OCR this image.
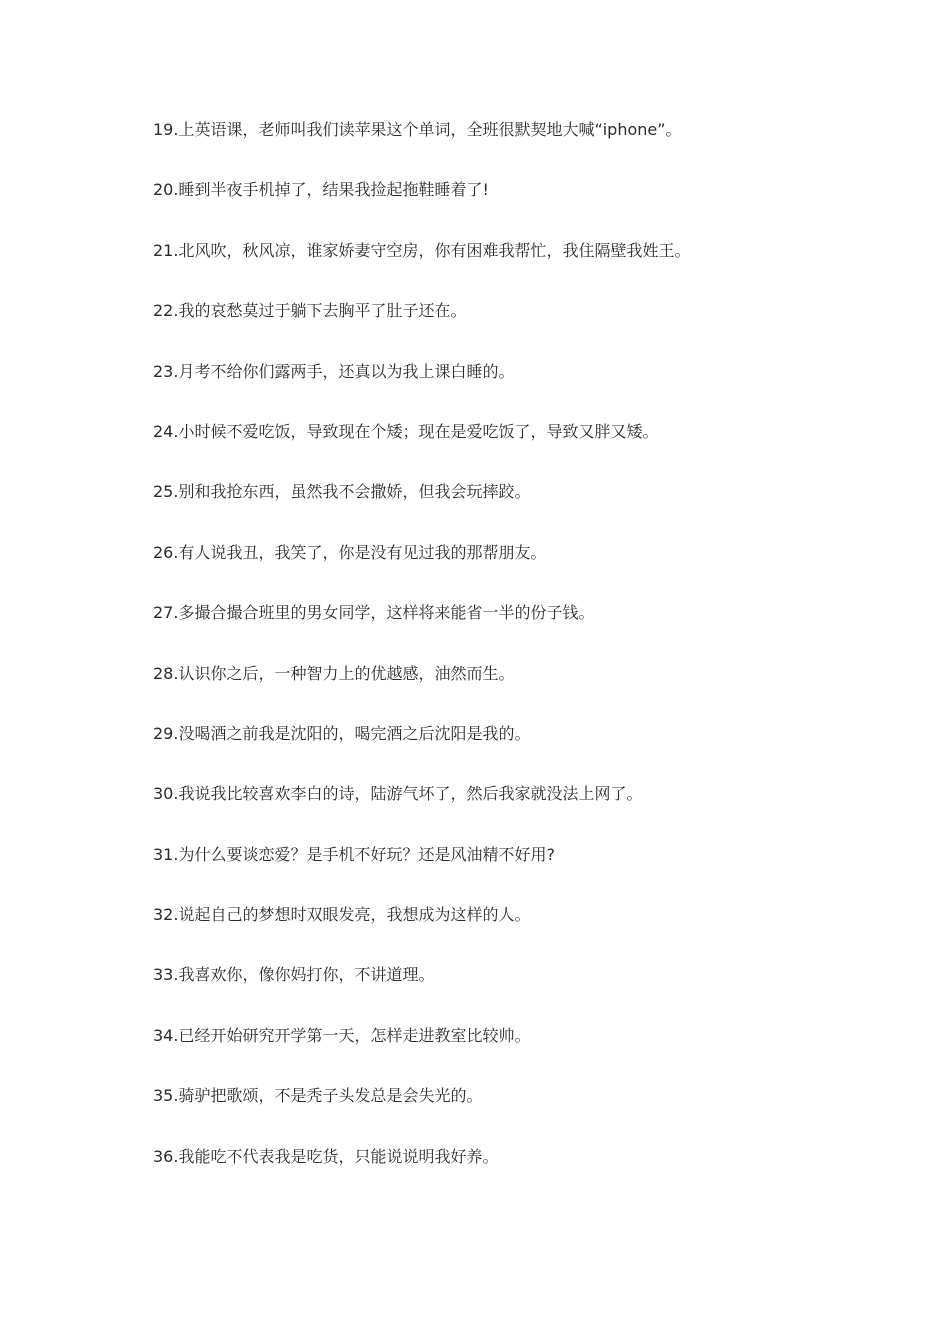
19.上英语课，老师叫我们读苹果这个单词，全班很默契地大喊“iphone”。
20.睡到半夜手机掉了，结果我捡起拖鞋睡着了!
21.北风吹，秋风凉，谁家娇妻守空房，你有困难我帮忙，我住隔壁我姓王。
22.我的哀愁莫过于躺下去胸平了肚子还在。
23.月考不给你们露两手，还真以为我上课白睡的。
24.小时候不爱吃饭，导致现在个矮；现在是爱吃饭了，导致又胖又矮。
25.别和我抢东西，虽然我不会撒娇，但我会玩摔跤。
26.有人说我丑，我笑了，你是没有见过我的那帮朋友。
27.多撮合撮合班里的男女同学，这样将来能省一半的份子钱。
28.认识你之后，一种智力上的优越感，油然而生。
29.没喝酒之前我是沈阳的，喝完酒之后沈阳是我的。
30.我说我比较喜欢李白的诗，陆游气坏了，然后我家就没法上网了。
31.为什么要谈恋爱？是手机不好玩？还是风油精不好用?
32.说起自己的梦想时双眼发亮，我想成为这样的人。
33.我喜欢你，像你妈打你，不讲道理。
34.已经开始研究开学第一天，怎样走进教室比较帅。
35.骑驴把歌颂，不是秃子头发总是会失光的。
36.我能吃不代表我是吃货，只能说说明我好养。
